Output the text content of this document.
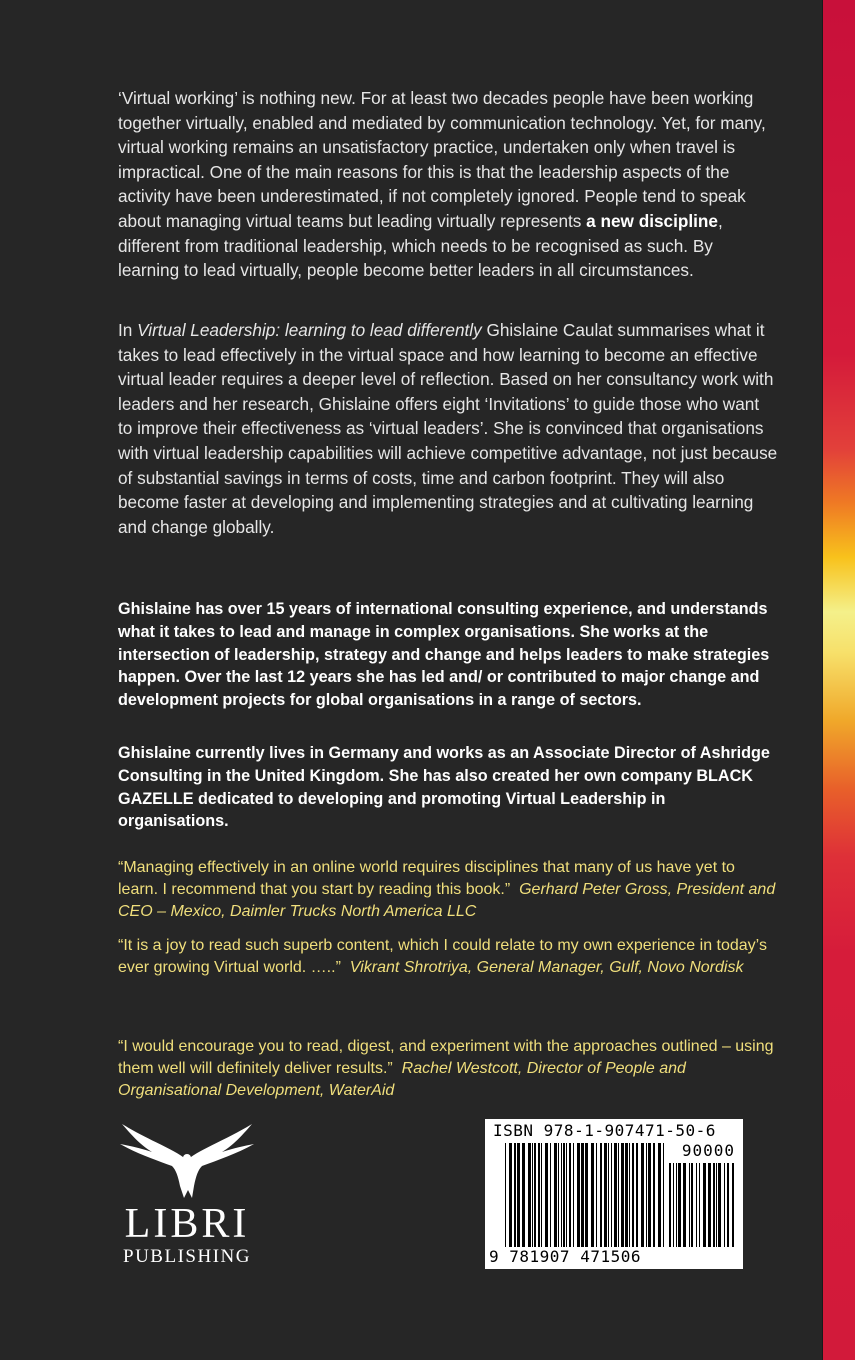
‘Virtual working’ is nothing new. For at least two decades people have been working together virtually, enabled and mediated by communication technology. Yet, for many, virtual working remains an unsatisfactory practice, undertaken only when travel is impractical. One of the main reasons for this is that the leadership aspects of the activity have been underestimated, if not completely ignored. People tend to speak about managing virtual teams but leading virtually represents a new discipline, different from traditional leadership, which needs to be recognised as such. By learning to lead virtually, people become better leaders in all circumstances.

In Virtual Leadership: learning to lead differently Ghislaine Caulat summarises what it takes to lead effectively in the virtual space and how learning to become an effective virtual leader requires a deeper level of reflection. Based on her consultancy work with leaders and her research, Ghislaine offers eight ‘Invitations’ to guide those who want to improve their effectiveness as ‘virtual leaders’. She is convinced that organisations with virtual leadership capabilities will achieve competitive advantage, not just because of substantial savings in terms of costs, time and carbon footprint. They will also become faster at developing and implementing strategies and at cultivating learning and change globally.

Ghislaine has over 15 years of international consulting experience, and understands what it takes to lead and manage in complex organisations. She works at the intersection of leadership, strategy and change and helps leaders to make strategies happen. Over the last 12 years she has led and/ or contributed to major change and development projects for global organisations in a range of sectors.

Ghislaine currently lives in Germany and works as an Associate Director of Ashridge Consulting in the United Kingdom. She has also created her own company BLACK GAZELLE dedicated to developing and promoting Virtual Leadership in organisations.

“Managing effectively in an online world requires disciplines that many of us have yet to learn. I recommend that you start by reading this book.” Gerhard Peter Gross, President and CEO – Mexico, Daimler Trucks North America LLC

“It is a joy to read such superb content, which I could relate to my own experience in today’s ever growing Virtual world. …..” Vikrant Shrotriya, General Manager, Gulf, Novo Nordisk

“I would encourage you to read, digest, and experiment with the approaches outlined – using them well will definitely deliver results.” Rachel Westcott, Director of People and Organisational Development, WaterAid

LIBRI
PUBLISHING
ISBN 978-1-907471-50-6
90000
9 781907 471506
